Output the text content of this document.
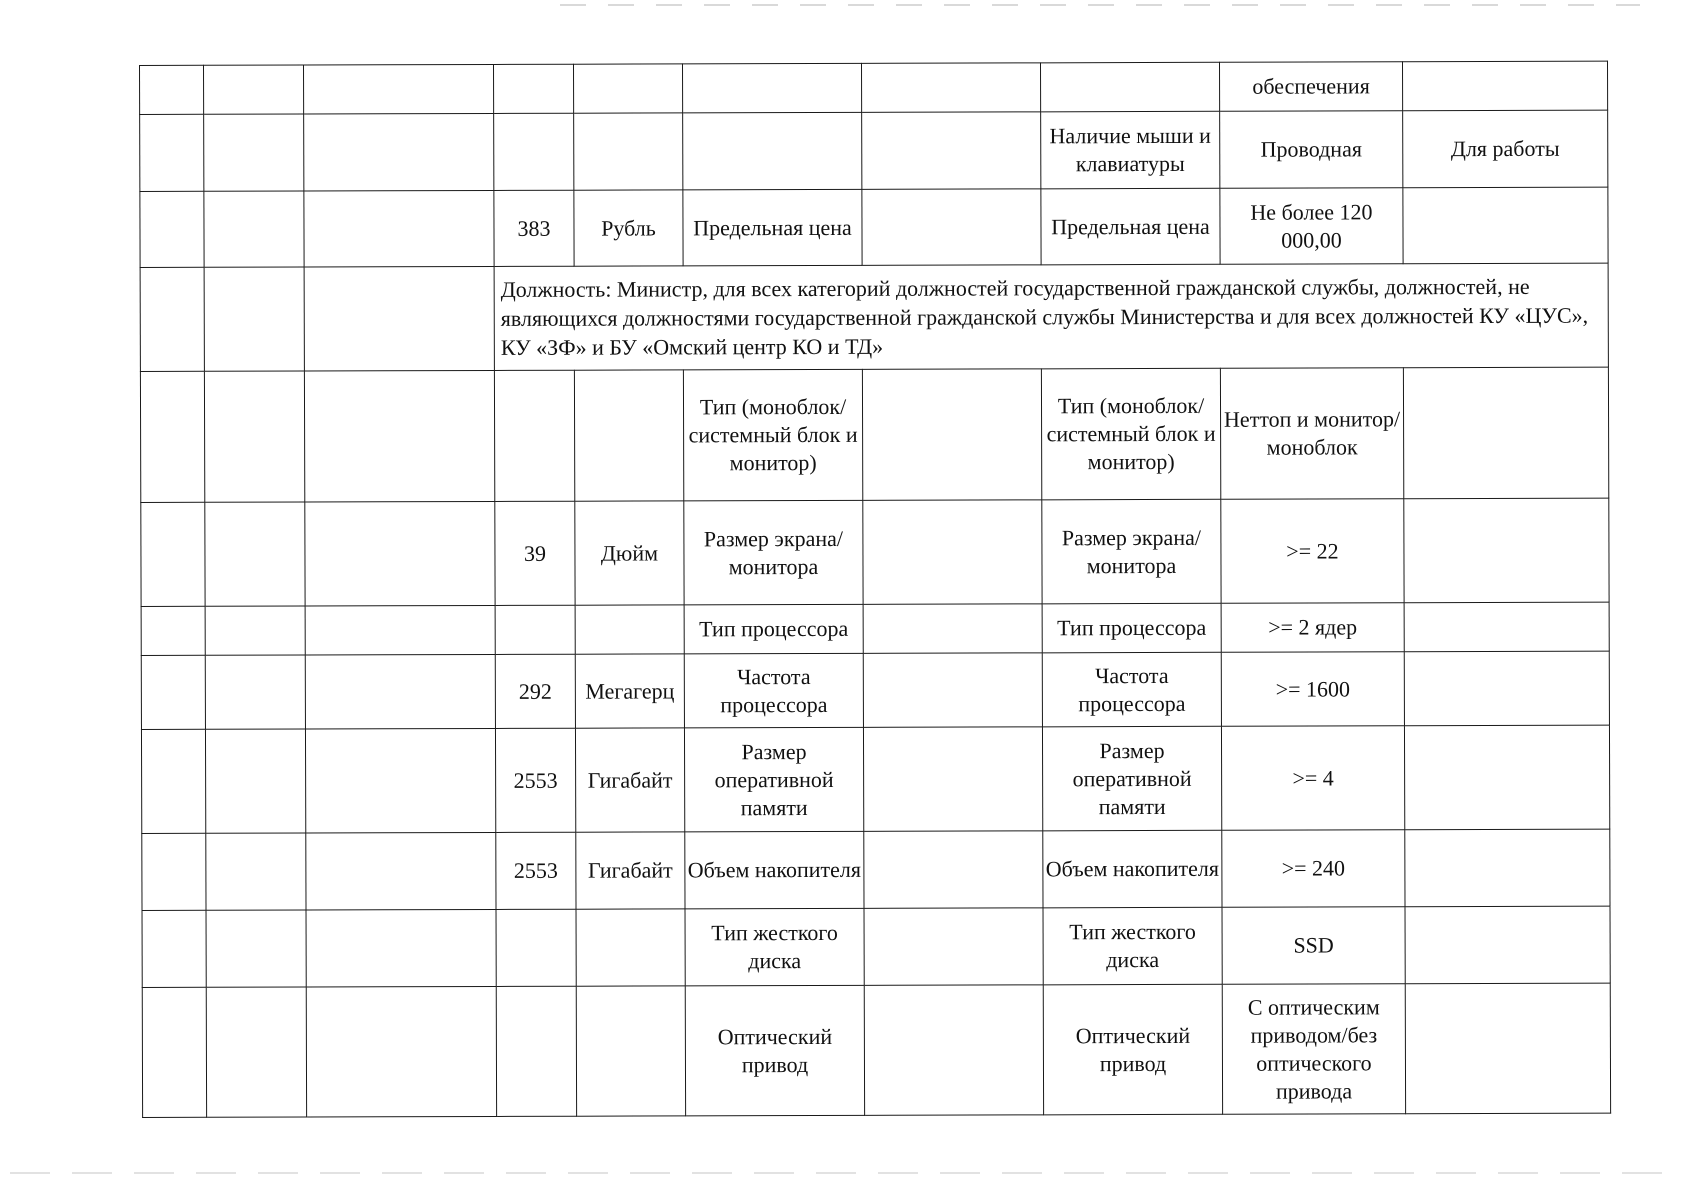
								обеспечения	
							Наличие мыши и клавиатуры	Проводная	Для работы
			383	Рубль	Предельная цена		Предельная цена	Не более 120 000,00	
			Должность: Министр, для всех категорий должностей государственной гражданской службы, должностей, не являющихся должностями государственной гражданской службы Министерства и для всех должностей КУ «ЦУС», КУ «ЗФ» и БУ «Омский центр КО и ТД»						
					Тип (моноблок/системный блок и монитор)		Тип (моноблок/системный блок и монитор)	Неттоп и монитор/моноблок	
			39	Дюйм	Размер экрана/монитора		Размер экрана/монитора	>= 22	
					Тип процессора		Тип процессора	>= 2 ядер	
			292	Мегагерц	Частота процессора		Частота процессора	>= 1600	
			2553	Гигабайт	Размер оперативной памяти		Размер оперативной памяти	>= 4	
			2553	Гигабайт	Объем накопителя		Объем накопителя	>= 240	
					Тип жесткого диска		Тип жесткого диска	SSD	
					Оптический привод		Оптический привод	С оптическим приводом/без оптического привода	
